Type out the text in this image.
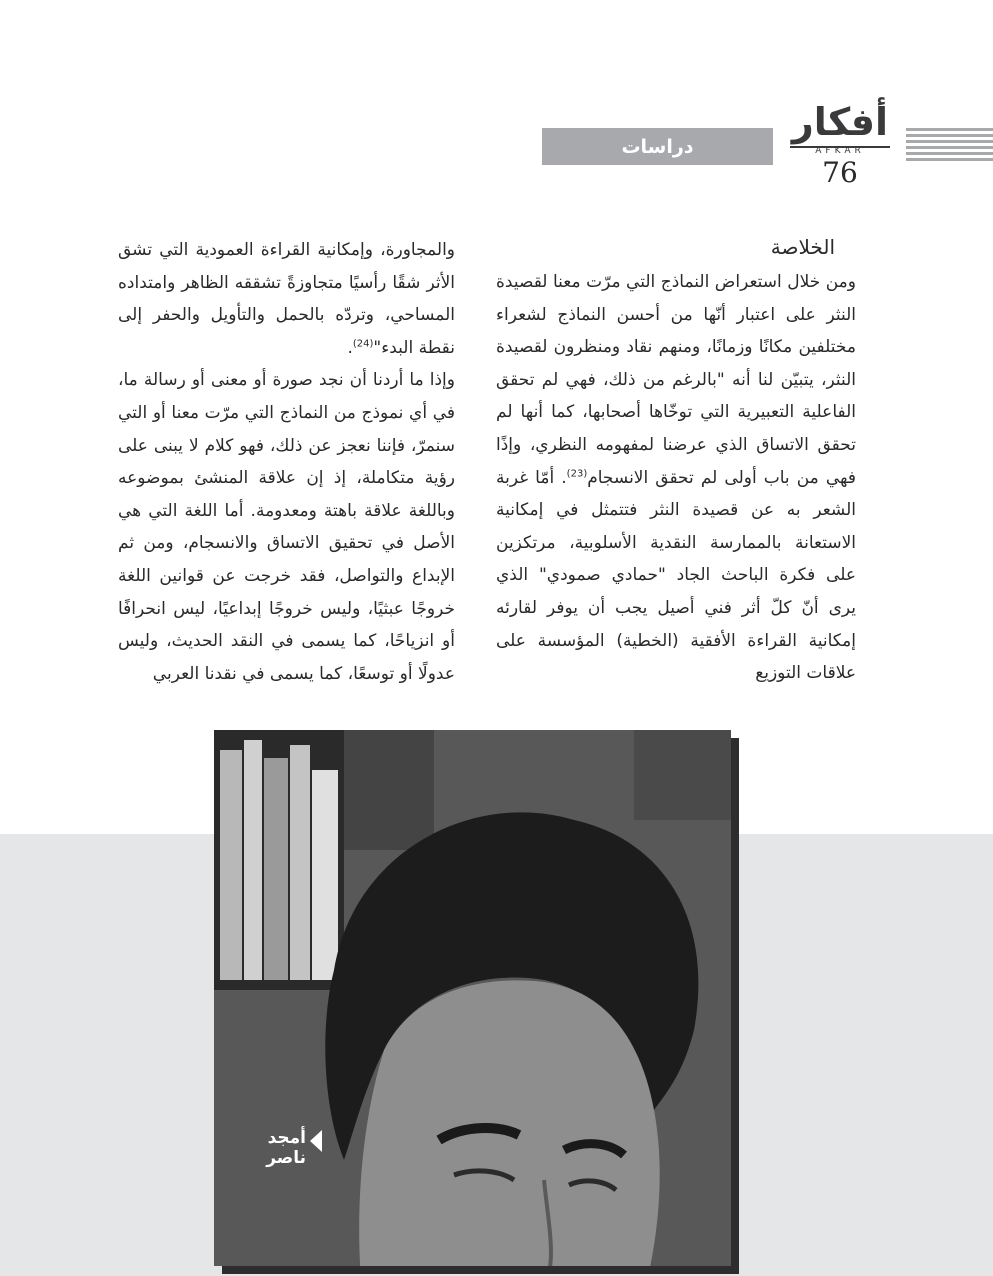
أفكار
AFKAR
76
دراسات
الخلاصة

ومن خلال استعراض النماذج التي مرّت معنا لقصيدة النثر على اعتبار أنّها من أحسن النماذج لشعراء مختلفين مكانًا وزمانًا، ومنهم نقاد ومنظرون لقصيدة النثر، يتبيّن لنا أنه "بالرغم من ذلك، فهي لم تحقق الفاعلية التعبيرية التي توخّاها أصحابها، كما أنها لم تحقق الاتساق الذي عرضنا لمفهومه النظري، وإذًا فهي من باب أولى لم تحقق الانسجام$^{(23)}$. أمّا غربة الشعر به عن قصيدة النثر فتتمثل في إمكانية الاستعانة بالممارسة النقدية الأسلوبية، مرتكزين على فكرة الباحث الجاد "حمادي صمودي" الذي يرى أنّ كلّ أثر فني أصيل يجب أن يوفر لقارئه إمكانية القراءة الأفقية (الخطية) المؤسسة على علاقات التوزيع

والمجاورة، وإمكانية القراءة العمودية التي تشق الأثر شقًا رأسيًا متجاوزةً تشققه الظاهر وامتداده المساحي، وتردّه بالحمل والتأويل والحفر إلى نقطة البدء"$^{(24)}$.

وإذا ما أردنا أن نجد صورة أو معنى أو رسالة ما، في أي نموذج من النماذج التي مرّت معنا أو التي سنمرّ، فإننا نعجز عن ذلك، فهو كلام لا يبنى على رؤية متكاملة، إذ إن علاقة المنشئ بموضوعه وباللغة علاقة باهتة ومعدومة. أما اللغة التي هي الأصل في تحقيق الاتساق والانسجام، ومن ثم الإبداع والتواصل، فقد خرجت عن قوانين اللغة خروجًا عبثيًا، وليس خروجًا إبداعيًا، ليس انحرافًا أو انزياحًا، كما يسمى في النقد الحديث، وليس عدولًا أو توسعًا، كما يسمى في نقدنا العربي

أمجد ناصر
